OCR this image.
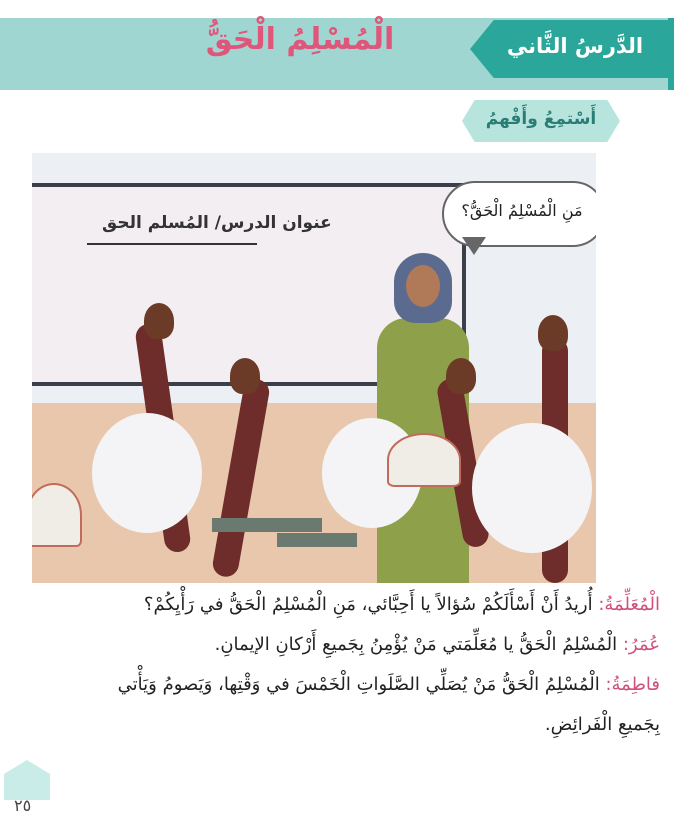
الدَّرسُ الثَّاني
الْمُسْلِمُ الْحَقُّ
أَسْتمِعُ وأَفْهمُ
عنوان الدرس/ المُسلم الحق
مَنِ الْمُسْلِمُ الْحَقُّ؟
الْمُعَلِّمَةُ: أُريدُ أَنْ أَسْأَلَكُمْ سُؤالاً يا أَحِبَّائي، مَنِ الْمُسْلِمُ الْحَقُّ في رَأْيِكُمْ؟
عُمَرُ: الْمُسْلِمُ الْحَقُّ يا مُعَلِّمَتي مَنْ يُؤْمِنُ بِجَميعِ أَرْكانِ الإيمانِ.
فاطِمَةُ: الْمُسْلِمُ الْحَقُّ مَنْ يُصَلِّي الصَّلَواتِ الْخَمْسَ في وَقْتِها، وَيَصومُ وَيَأْتي
بِجَميعِ الْفَرائِضِ.
٢٥
